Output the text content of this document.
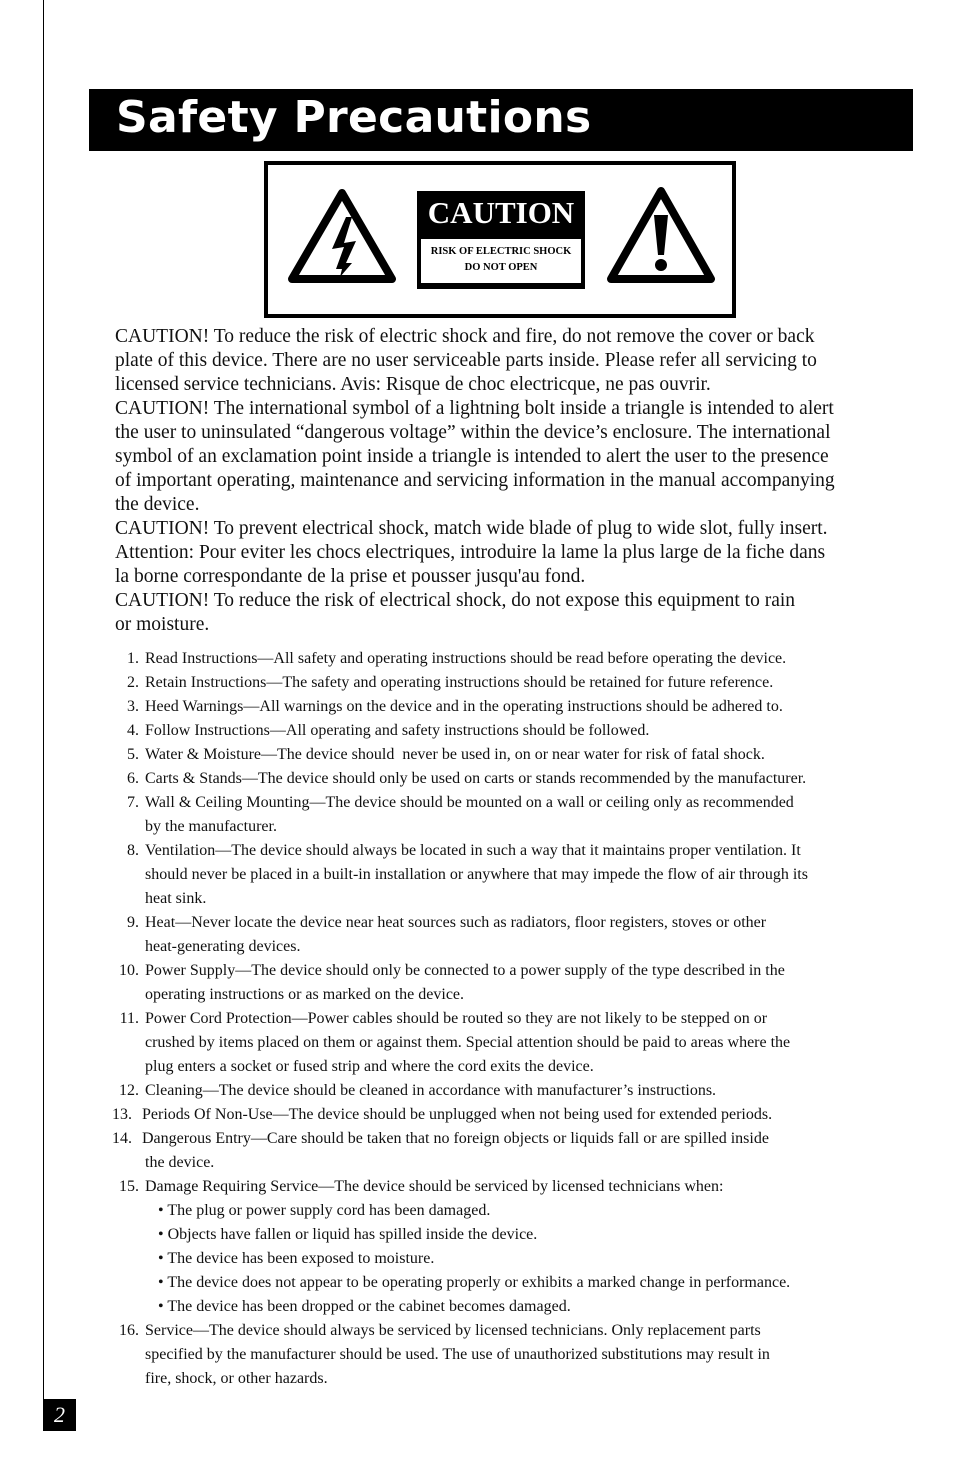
Safety Precautions
CAUTION
RISK OF ELECTRIC SHOCK
DO NOT OPEN

CAUTION! To reduce the risk of electric shock and fire, do not remove the cover or back
plate of this device. There are no user serviceable parts inside. Please refer all servicing to
licensed service technicians. Avis: Risque de choc electricque, ne pas ouvrir.

CAUTION! The international symbol of a lightning bolt inside a triangle is intended to alert
the user to uninsulated “dangerous voltage” within the device’s enclosure. The international
symbol of an exclamation point inside a triangle is intended to alert the user to the presence
of important operating, maintenance and servicing information in the manual accompanying
the device.

CAUTION! To prevent electrical shock, match wide blade of plug to wide slot, fully insert.
Attention: Pour eviter les chocs electriques, introduire la lame la plus large de la fiche dans
la borne correspondante de la prise et pousser jusqu'au fond.

CAUTION! To reduce the risk of electrical shock, do not expose this equipment to rain
or moisture.

1. Read Instructions—All safety and operating instructions should be read before operating the device.
2. Retain Instructions—The safety and operating instructions should be retained for future reference.
3. Heed Warnings—All warnings on the device and in the operating instructions should be adhered to.
4. Follow Instructions—All operating and safety instructions should be followed.
5. Water & Moisture—The device should  never be used in, on or near water for risk of fatal shock.
6. Carts & Stands—The device should only be used on carts or stands recommended by the manufacturer.
7. Wall & Ceiling Mounting—The device should be mounted on a wall or ceiling only as recommended
by the manufacturer.
8. Ventilation—The device should always be located in such a way that it maintains proper ventilation. It
should never be placed in a built-in installation or anywhere that may impede the flow of air through its
heat sink.
9. Heat—Never locate the device near heat sources such as radiators, floor registers, stoves or other
heat-generating devices.
10. Power Supply—The device should only be connected to a power supply of the type described in the
operating instructions or as marked on the device.
11. Power Cord Protection—Power cables should be routed so they are not likely to be stepped on or
crushed by items placed on them or against them. Special attention should be paid to areas where the
plug enters a socket or fused strip and where the cord exits the device.
12. Cleaning—The device should be cleaned in accordance with manufacturer’s instructions.
13. Periods Of Non-Use—The device should be unplugged when not being used for extended periods.
14. Dangerous Entry—Care should be taken that no foreign objects or liquids fall or are spilled inside
the device.
15. Damage Requiring Service—The device should be serviced by licensed technicians when:
• The plug or power supply cord has been damaged.
• Objects have fallen or liquid has spilled inside the device.
• The device has been exposed to moisture.
• The device does not appear to be operating properly or exhibits a marked change in performance.
• The device has been dropped or the cabinet becomes damaged.
16. Service—The device should always be serviced by licensed technicians. Only replacement parts
specified by the manufacturer should be used. The use of unauthorized substitutions may result in
fire, shock, or other hazards.
2
